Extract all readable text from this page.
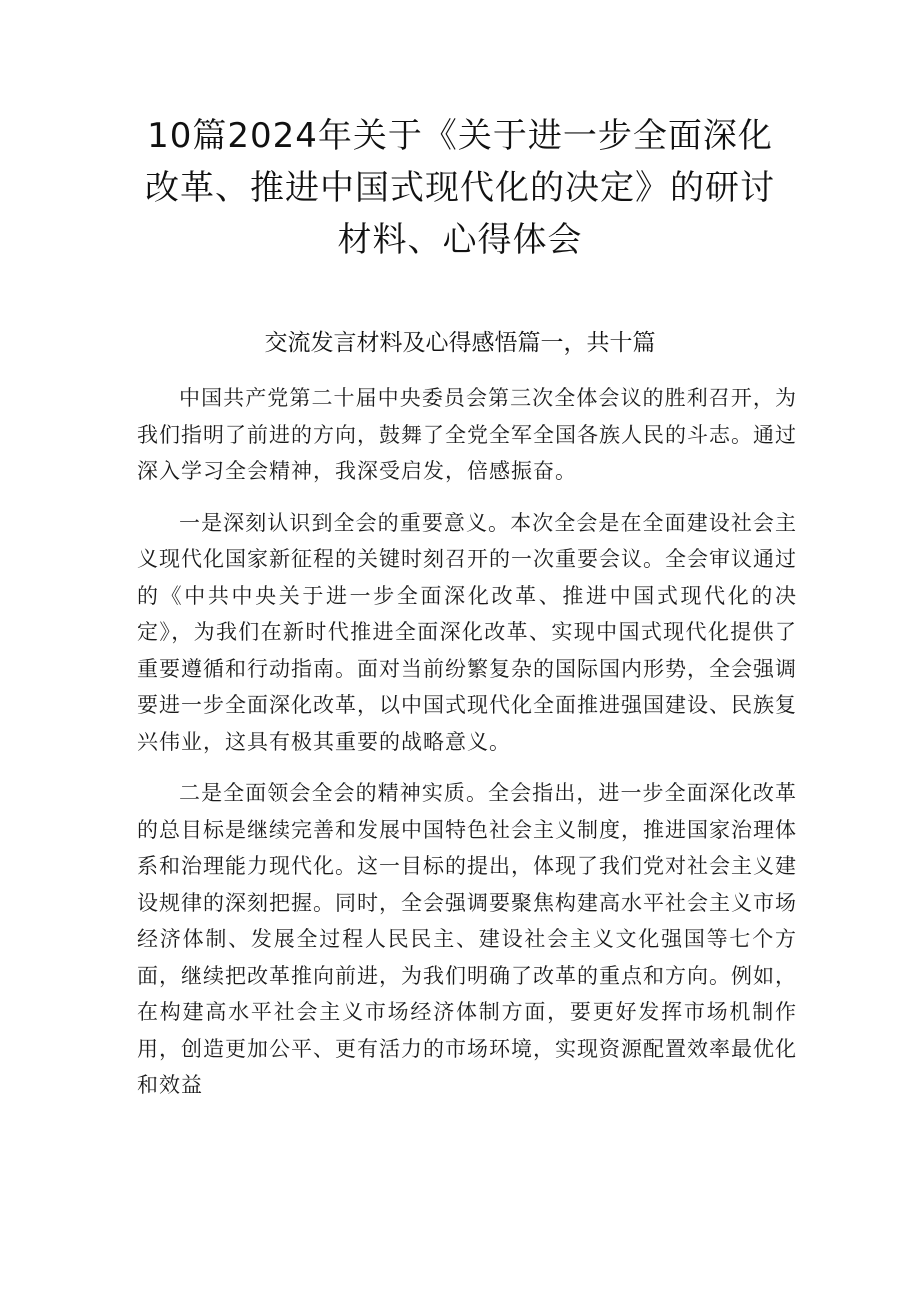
10篇2024年关于《关于进一步全面深化改革、推进中国式现代化的决定》的研讨材料、心得体会
交流发言材料及心得感悟篇一，共十篇

中国共产党第二十届中央委员会第三次全体会议的胜利召开，为我们指明了前进的方向，鼓舞了全党全军全国各族人民的斗志。通过深入学习全会精神，我深受启发，倍感振奋。

一是深刻认识到全会的重要意义。本次全会是在全面建设社会主义现代化国家新征程的关键时刻召开的一次重要会议。全会审议通过的《中共中央关于进一步全面深化改革、推进中国式现代化的决定》，为我们在新时代推进全面深化改革、实现中国式现代化提供了重要遵循和行动指南。面对当前纷繁复杂的国际国内形势，全会强调要进一步全面深化改革，以中国式现代化全面推进强国建设、民族复兴伟业，这具有极其重要的战略意义。

二是全面领会全会的精神实质。全会指出，进一步全面深化改革的总目标是继续完善和发展中国特色社会主义制度，推进国家治理体系和治理能力现代化。这一目标的提出，体现了我们党对社会主义建设规律的深刻把握。同时，全会强调要聚焦构建高水平社会主义市场经济体制、发展全过程人民民主、建设社会主义文化强国等七个方面，继续把改革推向前进，为我们明确了改革的重点和方向。例如，在构建高水平社会主义市场经济体制方面，要更好发挥市场机制作用，创造更加公平、更有活力的市场环境，实现资源配置效率最优化和效益
